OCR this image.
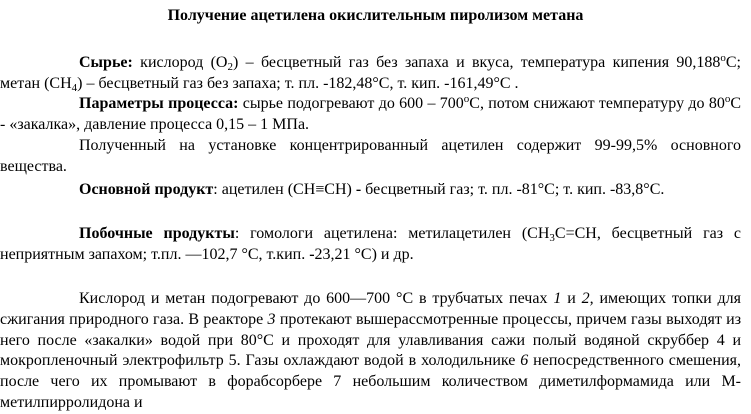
Получение ацетилена окислительным пиролизом метана

Сырье: кислород $(O_2)$ – бесцветный газ без запаха и вкуса, температура кипения $90,188^оС$; метан $(CH_4)$ – бесцветный газ без запаха; т. пл. -182,48°С, т. кип. -161,49°С .

Параметры процесса: сырье подогревают до $600 - 700^оС$, потом снижают температуру до $80^оС$ - «закалка», давление процесса 0,15 – 1 МПа.

Полученный на установке концентрированный ацетилен содержит 99-99,5% основного вещества.

Основной продукт: ацетилен (CH≡CH) - бесцветный газ; т. пл. -81°С; т. кип. -83,8°С.

Побочные продукты: гомологи ацетилена: метилацетилен ($CH_3C=CH$, бесцветный газ с неприятным запахом; т.пл. —102,7 °С, т.кип. -23,21 °С) и др.

Кислород и метан подогревают до 600—700 °С в трубчатых печах 1 и 2, имеющих топки для сжигания природного газа. В реакторе 3 протекают вышерассмотренные процессы, причем газы выходят из него после «закалки» водой при 80°С и проходят для улавливания сажи полый водяной скруббер 4 и мокропленочный электрофильтр 5. Газы охлаждают водой в холодильнике 6 непосредственного смешения, после чего их промывают в форабсорбере 7 небольшим количеством диметилформамида или М-метилпирролидона и
